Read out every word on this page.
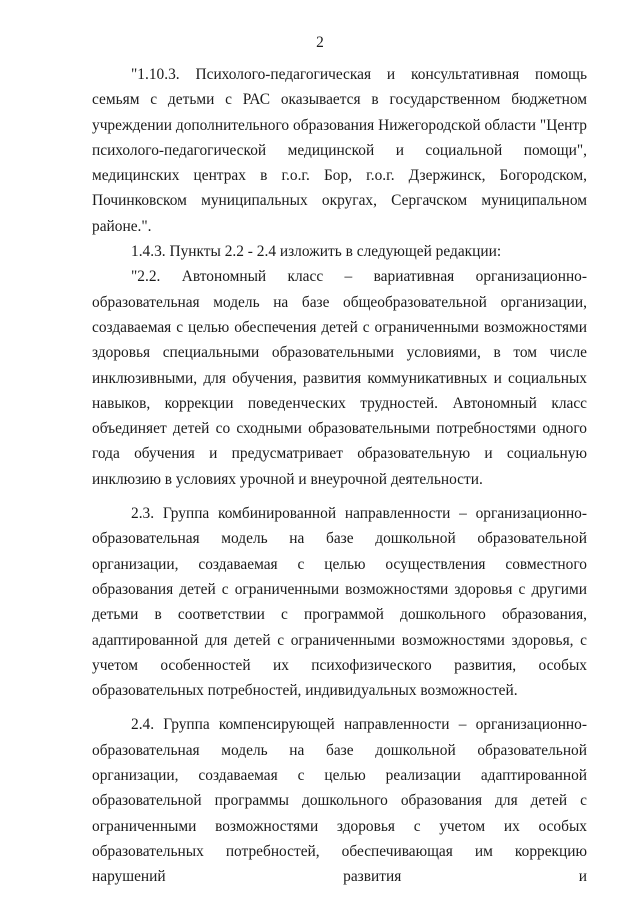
2

"1.10.3. Психолого-педагогическая и консультативная помощь семьям с детьми с РАС оказывается в государственном бюджетном учреждении дополнительного образования Нижегородской области "Центр психолого-педагогической медицинской и социальной помощи", медицинских центрах в г.о.г. Бор, г.о.г. Дзержинск, Богородском, Починковском муниципальных округах, Сергачском муниципальном районе.".

1.4.3. Пункты 2.2 - 2.4 изложить в следующей редакции:

"2.2. Автономный класс – вариативная организационно-образовательная модель на базе общеобразовательной организации, создаваемая с целью обеспечения детей с ограниченными возможностями здоровья специальными образовательными условиями, в том числе инклюзивными, для обучения, развития коммуникативных и социальных навыков, коррекции поведенческих трудностей. Автономный класс объединяет детей со сходными образовательными потребностями одного года обучения и предусматривает образовательную и социальную инклюзию в условиях урочной и внеурочной деятельности.

2.3. Группа комбинированной направленности – организационно-образовательная модель на базе дошкольной образовательной организации, создаваемая с целью осуществления совместного образования детей с ограниченными возможностями здоровья с другими детьми в соответствии с программой дошкольного образования, адаптированной для детей с ограниченными возможностями здоровья, с учетом особенностей их психофизического развития, особых образовательных потребностей, индивидуальных возможностей.

2.4. Группа компенсирующей направленности – организационно-образовательная модель на базе дошкольной образовательной организации, создаваемая с целью реализации адаптированной образовательной программы дошкольного образования для детей с ограниченными возможностями здоровья с учетом их особых образовательных потребностей, обеспечивающая им коррекцию нарушений развития и
